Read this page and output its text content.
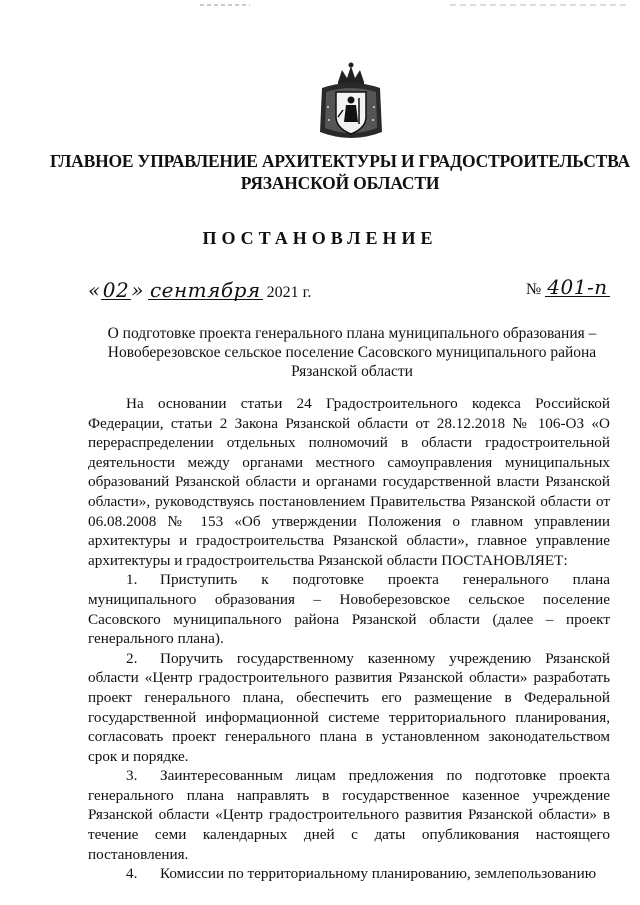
ГЛАВНОЕ УПРАВЛЕНИЕ АРХИТЕКТУРЫ И ГРАДОСТРОИТЕЛЬСТВА
РЯЗАНСКОЙ ОБЛАСТИ
ПОСТАНОВЛЕНИЕ
« 02 » сентября 2021 г.	№ 401-п
О подготовке проекта генерального плана муниципального образования –
Новоберезовское сельское поселение Сасовского муниципального района
Рязанской области

На основании статьи 24 Градостроительного кодекса Российской Федерации, статьи 2 Закона Рязанской области от 28.12.2018 № 106-ОЗ «О перераспределении отдельных полномочий в области градостроительной деятельности между органами местного самоуправления муниципальных образований Рязанской области и органами государственной власти Рязанской области», руководствуясь постановлением Правительства Рязанской области от 06.08.2008 № 153 «Об утверждении Положения о главном управлении архитектуры и градостроительства Рязанской области», главное управление архитектуры и градостроительства Рязанской области ПОСТАНОВЛЯЕТ:

1. Приступить к подготовке проекта генерального плана муниципального образования – Новоберезовское сельское поселение Сасовского муниципального района Рязанской области (далее – проект генерального плана).

2. Поручить государственному казенному учреждению Рязанской области «Центр градостроительного развития Рязанской области» разработать проект генерального плана, обеспечить его размещение в Федеральной государственной информационной системе территориального планирования, согласовать проект генерального плана в установленном законодательством срок и порядке.

3. Заинтересованным лицам предложения по подготовке проекта генерального плана направлять в государственное казенное учреждение Рязанской области «Центр градостроительного развития Рязанской области» в течение семи календарных дней с даты опубликования настоящего постановления.

4. Комиссии по территориальному планированию, землепользованию
